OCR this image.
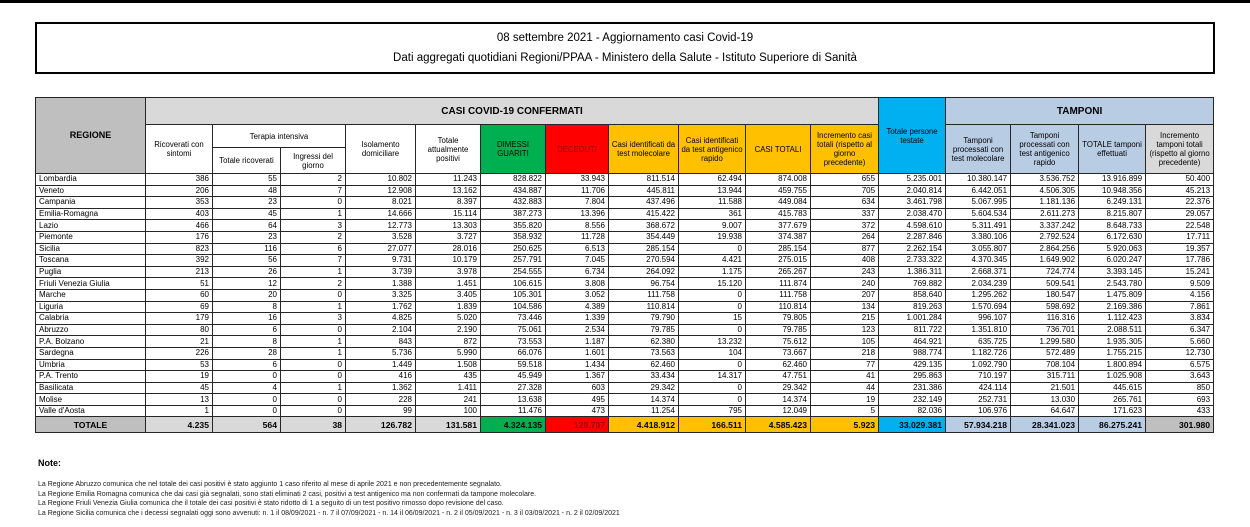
08 settembre 2021 - Aggiornamento casi Covid-19
Dati aggregati quotidiani Regioni/PPAA - Ministero della Salute - Istituto Superiore di Sanità
REGIONE	CASI COVID-19 CONFERMATI											Totale persone testate	TAMPONI			
	Ricoverati con sintomi	Terapia intensiva		Isolamento domiciliare	Totale attualmente positivi	DIMESSI GUARITI	DECEDUTI	Casi identificati da test molecolare	Casi identificati da test antigenico rapido	CASI TOTALI	Incremento casi totali (rispetto al giorno precedente)		Tamponi processati con test molecolare	Tamponi processati con test antigenico rapido	TOTALE tamponi effettuati	Incremento tamponi totali (rispetto al giorno precedente)
		Totale ricoverati	Ingressi del giorno													
Lombardia	386	55	2	10.802	11.243	828.822	33.943	811.514	62.494	874.008	655	5.235.001	10.380.147	3.536.752	13.916.899	50.400
Veneto	206	48	7	12.908	13.162	434.887	11.706	445.811	13.944	459.755	705	2.040.814	6.442.051	4.506.305	10.948.356	45.213
Campania	353	23	0	8.021	8.397	432.883	7.804	437.496	11.588	449.084	634	3.461.798	5.067.995	1.181.136	6.249.131	22.376
Emilia-Romagna	403	45	1	14.666	15.114	387.273	13.396	415.422	361	415.783	337	2.038.470	5.604.534	2.611.273	8.215.807	29.057
Lazio	466	64	3	12.773	13.303	355.820	8.556	368.672	9.007	377.679	372	4.598.610	5.311.491	3.337.242	8.648.733	22.548
Piemonte	176	23	2	3.528	3.727	358.932	11.728	354.449	19.938	374.387	264	2.287.846	3.380.106	2.792.524	6.172.630	17.711
Sicilia	823	116	6	27.077	28.016	250.625	6.513	285.154	0	285.154	877	2.262.154	3.055.807	2.864.256	5.920.063	19.357
Toscana	392	56	7	9.731	10.179	257.791	7.045	270.594	4.421	275.015	408	2.733.322	4.370.345	1.649.902	6.020.247	17.786
Puglia	213	26	1	3.739	3.978	254.555	6.734	264.092	1.175	265.267	243	1.386.311	2.668.371	724.774	3.393.145	15.241
Friuli Venezia Giulia	51	12	2	1.388	1.451	106.615	3.808	96.754	15.120	111.874	240	769.882	2.034.239	509.541	2.543.780	9.509
Marche	60	20	0	3.325	3.405	105.301	3.052	111.758	0	111.758	207	858.640	1.295.262	180.547	1.475.809	4.156
Liguria	69	8	1	1.762	1.839	104.586	4.389	110.814	0	110.814	134	819.263	1.570.694	598.692	2.169.386	7.861
Calabria	179	16	3	4.825	5.020	73.446	1.339	79.790	15	79.805	215	1.001.284	996.107	116.316	1.112.423	3.834
Abruzzo	80	6	0	2.104	2.190	75.061	2.534	79.785	0	79.785	123	811.722	1.351.810	736.701	2.088.511	6.347
P.A. Bolzano	21	8	1	843	872	73.553	1.187	62.380	13.232	75.612	105	464.921	635.725	1.299.580	1.935.305	5.660
Sardegna	226	28	1	5.736	5.990	66.076	1.601	73.563	104	73.667	218	988.774	1.182.726	572.489	1.755.215	12.730
Umbria	53	6	0	1.449	1.508	59.518	1.434	62.460	0	62.460	77	429.135	1.092.790	708.104	1.800.894	6.575
P.A. Trento	19	0	0	416	435	45.949	1.367	33.434	14.317	47.751	41	295.863	710.197	315.711	1.025.908	3.643
Basilicata	45	4	1	1.362	1.411	27.328	603	29.342	0	29.342	44	231.386	424.114	21.501	445.615	850
Molise	13	0	0	228	241	13.638	495	14.374	0	14.374	19	232.149	252.731	13.030	265.761	693
Valle d'Aosta	1	0	0	99	100	11.476	473	11.254	795	12.049	5	82.036	106.976	64.647	171.623	433
TOTALE	4.235	564	38	126.782	131.581	4.324.135	129.707	4.418.912	166.511	4.585.423	5.923	33.029.381	57.934.218	28.341.023	86.275.241	301.980
Note:
La Regione Abruzzo comunica che nel totale dei casi positivi è stato aggiunto 1 caso riferito al mese di aprile 2021 e non precedentemente segnalato.
La Regione Emilia Romagna comunica che dai casi già segnalati, sono stati eliminati 2 casi, positivi a test antigenico ma non confermati da tampone molecolare.
La Regione Friuli Venezia Giulia comunica che il totale dei casi positivi è stato ridotto di 1 a seguito di un test positivo rimosso dopo revisione del caso.
La Regione Sicilia comunica che i decessi segnalati oggi sono avvenuti: n. 1 il 08/09/2021 - n. 7 il 07/09/2021 - n. 14 il 06/09/2021 - n. 2 il 05/09/2021 - n. 3 il 03/09/2021 - n. 2 il 02/09/2021
